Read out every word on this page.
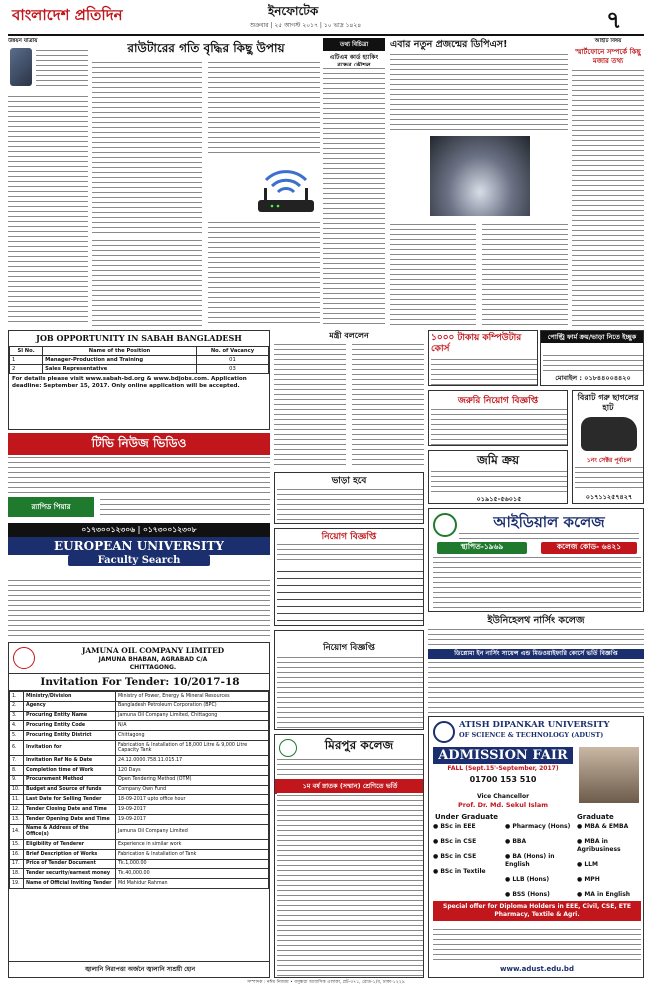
বাংলাদেশ প্রতিদিন	ইনফোটেক
শুক্রবার | ২৫ আগস্ট ২০১৭ | ১০ ভাদ্র ১৪২৪	৭
উন্নয়ন যাত্রায়	রাউটারের গতি বৃদ্ধির কিছু উপায়	তথ্য বিচিত্রা
এটিএম কার্ড হ্যাকিং
এবার নতুন প্রজন্মের ডিপিএস!	আইটি বিষয়
স্মার্টফোনে সম্পর্কে কিছু মজার তথ্য
JOB OPPORTUNITY IN SABAH BANGLADESH
Sl No.	Name of the Position	No. of Vacancy
1	Manager-Production and Training	01
2	Sales Representative	03
For details please visit www.sabah-bd.org & www.bdjobs.com. Application deadline: September 15, 2017. Only online application will be accepted.
টিভি নিউজ ভিডিও
র‌্যাপিড পিয়ার
০১৭৩০০১২৩০৬ | ০১৭৩০০১২৩০৮
EUROPEAN UNIVERSITY
Faculty Search
JAMUNA OIL COMPANY LIMITED
JAMUNA BHABAN, AGRABAD C/A
CHITTAGONG.
Invitation For Tender: 10/2017-18
1.	Ministry/Division	Ministry of Power, Energy & Mineral Resources
2.	Agency	Bangladesh Petroleum Corporation (BPC)
3.	Procuring Entity Name	Jamuna Oil Company Limited, Chittagong
4.	Procuring Entity Code	N/A
5.	Procuring Entity District	Chittagong
6.	Invitation for	Fabrication & Installation of 18,000 Litre & 9,000 Litre Capacity Tank
7.	Invitation Ref No & Date	24.12.0000.758.11.015.17
8.	Completion time of Work	120 Days
9.	Procurement Method	Open Tendering Method (OTM)
10.	Budget and Source of funds	Company Own Fund
11.	Last Date for Selling Tender	18-09-2017 upto office hour
12.	Tender Closing Date and Time	19-09-2017
13.	Tender Opening Date and Time	19-09-2017
14.	Name & Address of the Office(s)	Jamuna Oil Company Limited
15.	Eligibility of Tenderer	Experience in similar work
16.	Brief Description of Works	Fabrication & Installation of Tank
17.	Price of Tender Document	Tk.1,000.00
18.	Tender security/earnest money	Tk.40,000.00
19.	Name of Official Inviting Tender	Md Mahidur Rahman
জ্বালানি নিরাপত্তা অর্জনে জ্বালানি সাশ্রয়ী হোন
মন্ত্রী বললেন	১০০০ টাকায় কম্পিউটার কোর্স
পোল্ট্রি ফার্ম ক্রয়/ভাড়া নিতে ইচ্ছুক
মোবাইল : ০১৮৪৪০০৪৪২০
জরুরি নিয়োগ বিজ্ঞপ্তি	বিরাট গরু ছাগলের হাট
১নং সেক্টর পূর্বাচল
০১৭১১২৫৭৪২৭
জমি ক্রয়
০১৯১৫-৫৬০১৫
ভাড়া হবে
আইডিয়াল কলেজ
স্থাপিত-১৯৬৯	কলেজ কোড- ৬৪২১
নিয়োগ বিজ্ঞপ্তি
ইউনিহেলথ নার্সিং কলেজ
ডিপ্লোমা ইন নার্সিং সায়েন্স এন্ড মিডওয়াইফারি কোর্সে ভর্তি বিজ্ঞপ্তি
নিয়োগ বিজ্ঞপ্তি
মিরপুর কলেজ
১ম বর্ষ স্নাতক (সম্মান) শ্রেণিতে ভর্তি
ATISH DIPANKAR UNIVERSITY
OF SCIENCE & TECHNOLOGY (ADUST)
ADMISSION FAIR
FALL (Sept.15'-September, 2017)
01700 153 510
Vice Chancellor
Prof. Dr. Md. Sekul Islam
Under Graduate	Graduate
● BSc in EEE
● BSc in CSE
● BSc in CSE
● BSc in Textile
● Pharmacy (Hons)
● BBA
● BA (Hons) in English
● LLB (Hons)
● BSS (Hons)
● MBA & EMBA
● MBA in Agribusiness
● LLM
● MPH
● MA in English
Special offer for Diploma Holders in EEE, Civil, CSE, ETE Pharmacy, Textile & Agri.
www.adust.edu.bd
সম্পাদক : নঈম নিজাম • বসুন্ধরা আবাসিক এলাকা, প্লট-৩৭১, রোড-১/ব, ঢাকা-১২২৯
